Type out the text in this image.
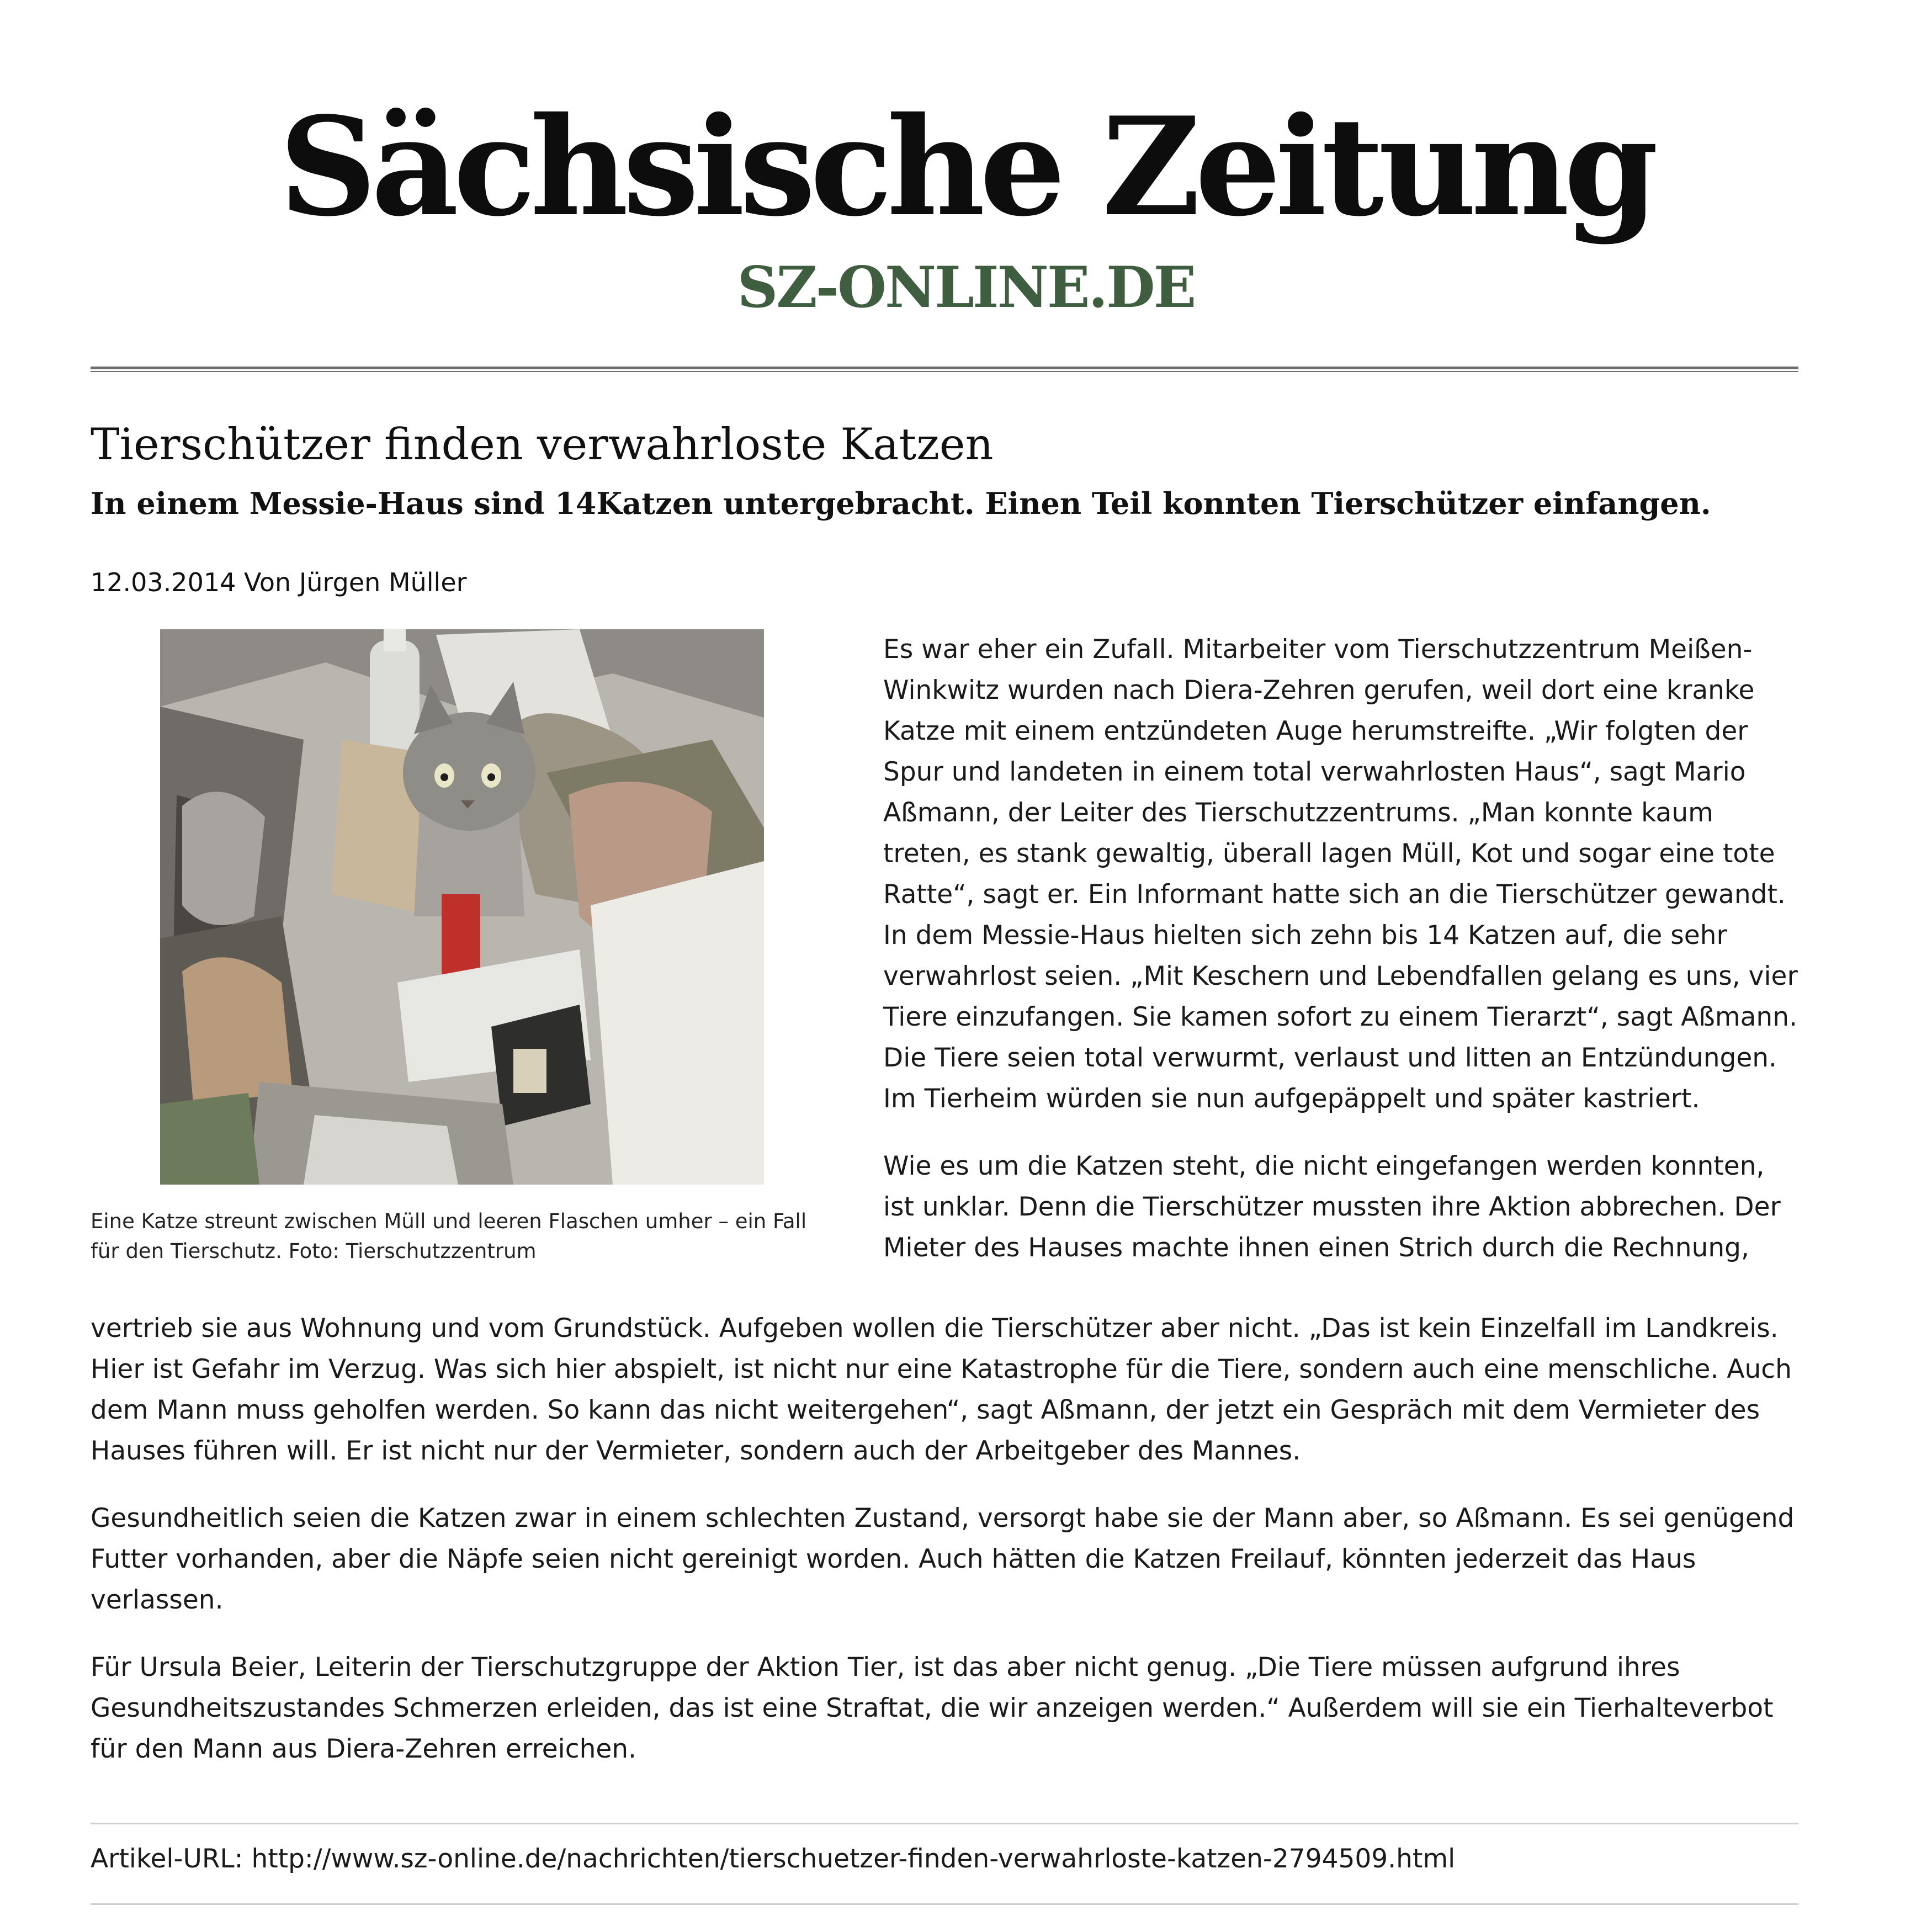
Sächsische Zeitung
SZ-ONLINE.DE
Tierschützer finden verwahrloste Katzen
In einem Messie-Haus sind 14Katzen untergebracht. Einen Teil konnten Tierschützer einfangen.
12.03.2014 Von Jürgen Müller
Eine Katze streunt zwischen Müll und leeren Flaschen umher – ein Fall für den Tierschutz. Foto: Tierschutzzentrum

Es war eher ein Zufall. Mitarbeiter vom Tierschutzzentrum Meißen-Winkwitz wurden nach Diera-Zehren gerufen, weil dort eine kranke Katze mit einem entzündeten Auge herumstreifte. „Wir folgten der Spur und landeten in einem total verwahrlosten Haus“, sagt Mario Aßmann, der Leiter des Tierschutzzentrums. „Man konnte kaum treten, es stank gewaltig, überall lagen Müll, Kot und sogar eine tote Ratte“, sagt er. Ein Informant hatte sich an die Tierschützer gewandt. In dem Messie-Haus hielten sich zehn bis 14 Katzen auf, die sehr verwahrlost seien. „Mit Keschern und Lebendfallen gelang es uns, vier Tiere einzufangen. Sie kamen sofort zu einem Tierarzt“, sagt Aßmann. Die Tiere seien total verwurmt, verlaust und litten an Entzündungen. Im Tierheim würden sie nun aufgepäppelt und später kastriert.

Wie es um die Katzen steht, die nicht eingefangen werden konnten, ist unklar. Denn die Tierschützer mussten ihre Aktion abbrechen. Der Mieter des Hauses machte ihnen einen Strich durch die Rechnung,

vertrieb sie aus Wohnung und vom Grundstück. Aufgeben wollen die Tierschützer aber nicht. „Das ist kein Einzelfall im Landkreis. Hier ist Gefahr im Verzug. Was sich hier abspielt, ist nicht nur eine Katastrophe für die Tiere, sondern auch eine menschliche. Auch dem Mann muss geholfen werden. So kann das nicht weitergehen“, sagt Aßmann, der jetzt ein Gespräch mit dem Vermieter des Hauses führen will. Er ist nicht nur der Vermieter, sondern auch der Arbeitgeber des Mannes.

Gesundheitlich seien die Katzen zwar in einem schlechten Zustand, versorgt habe sie der Mann aber, so Aßmann. Es sei genügend Futter vorhanden, aber die Näpfe seien nicht gereinigt worden. Auch hätten die Katzen Freilauf, könnten jederzeit das Haus verlassen.

Für Ursula Beier, Leiterin der Tierschutzgruppe der Aktion Tier, ist das aber nicht genug. „Die Tiere müssen aufgrund ihres Gesundheitszustandes Schmerzen erleiden, das ist eine Straftat, die wir anzeigen werden.“ Außerdem will sie ein Tierhalteverbot für den Mann aus Diera-Zehren erreichen.

Artikel-URL: http://www.sz-online.de/nachrichten/tierschuetzer-finden-verwahrloste-katzen-2794509.html
